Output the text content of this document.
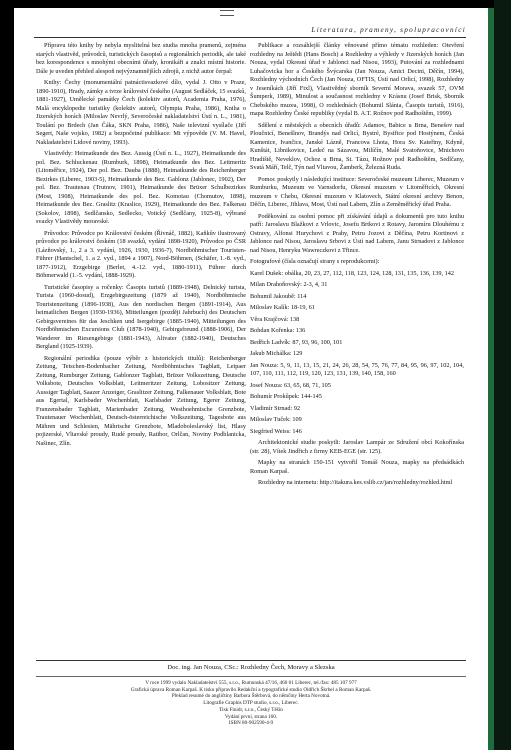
Literatura, prameny, spolupracovníci

Přípravu této knihy by nebyla myslitelná bez studia mnoha pramenů, zejména starých vlastivěd, průvodců, turistických časopisů a regionálních periodik, ale také bez korespondence s mnohými obecními úřady, kronikáři a znalci místní historie. Dále je uveden přehled alespoň nejvýznamnějších zdrojů, z nichž autor čerpal:

Knihy: Čechy (monumentální patnáctisvazkové dílo, vydal J. Otto v Praze, 1890-1910), Hrady, zámky a tvrze království českého (August Sedláček, 15 svazků, 1881-1927), Umělecké památky Čech (kolektiv autorů, Academia Praha, 1976), Malá encyklopedie turistiky (kolektiv autorů, Olympia Praha, 1986), Kniha o Jizerských horách (Miloslav Nevrlý, Severočeské nakladatelství Ústí n. L., 1981), Toulání po Brdech (Jan Čáka, SKN Praha, 1986), Naše televizní vysílače (Jiří Segert, Naše vojsko, 1982) a bezpočetné publikace: Mt výpověde (V. M. Havel, Nakladatelství Lidové noviny, 1993).

Vlastivědy: Heimatkunde des Bez. Aussig (Ústí n. L., 1927), Heimatkunde des pol. Bez. Schluckenau (Rumburk, 1898), Heimatkunde des Bez. Leitmeritz (Litoměřice, 1924), Der pol. Bez. Dauba (1888), Heimatkunde des Reichenberger Bezirkes (Liberec, 1903-5), Heimatkunde des Bez. Gablonz (Jablonec, 1902), Der pol. Bez. Trautenau (Trutnov, 1901), Heimatkunde des Brüxer Schulbezirkes (Most, 1908), Heimatkunde des pol. Bez. Komotau (Chomutov, 1898), Heimatkunde des Bez. Graslitz (Kraslice, 1929), Heimatkunde des Bez. Falkenau (Sokolov, 1898), Sedlčansko, Sedlecko, Votický (Sedlčany, 1925-8), výbrané svazky Vlastivědy moravské.

Průvodce: Průvodce po Království českém (Řivnáč, 1882), Kaňkův ilustrovaný průvodce po království českém (18 svazků, vydání 1898-1920), Průvodce po ČSR (Lázňovský, 1., 2 a 3. vydání, 1926, 1930, 1936-7), Nordböhmischer Touristen-Führer (Hantschel, 1. a 2. vyd., 1894 a 1907), Nord-Böhmen, (Schäfer, 1.-8. vyd., 1877-1912), Erzgebirge (Berlet, 4.-12. vyd., 1880-1911), Führer durch Böhmerwald (1.-5. vydání, 1888-1929).

Turistické časopisy a ročenky: Časopis turistů (1889-1948), Delnický turista, Turista (1960-dosud), Erzgebirgszeitung (1879 až 1940), Nordböhmische Touristenzeitung (1896-1938), Aus den nordischen Bergen (1891-1914), Aus heimatlichen Bergen (1930-1936), Mitteilungen (později Jahrbuch) des Deutschen Gebirgsvereines für das Jeschken und Isergebirge (1885-1940), Mitteilungen des Nordböhmischen Excursions Club (1878-1940), Gebirgsfreund (1888-1906), Der Wanderer im Riesengebirge (1881-1943), Altvater (1882-1940), Deutsches Bergland (1925-1939).

Regionální periodika (pouze výběr z historických titulů): Reichenberger Zeitung, Tetschen-Bodenbacher Zeitung, Nordböhmisches Tagblatt, Leipaer Zeitung, Rumburger Zeitung, Gablonzer Tagblatt, Brüxer Volkszeitung, Deutsche Volksbote, Deutsches Volksblatt, Leitmeritzer Zeitung, Lobositzer Zeitung, Aussiger Tagblatt, Saazer Anzeiger, Graslitzer Zeitung, Falkenauer Volksblatt, Bote aus Egertal, Karlsbader Wochenblatt, Karlsbader Zeitung, Egerer Zeitung, Franzensbader Tagblatt, Marienbader Zeitung, Westhoehmische Grenzbote, Trautenauer Wochenblatt, Deutsch-österreichische Volkszeitung, Tagesbote aus Mähren und Schlesien, Mährische Grenzbote, Mladoboleslavský list, Hlasy pojizerské, Vltavské proudy, Rudé proudy, Ratibor, Orlčan, Noviny Podblanicka, Našinec, Zlín.

Publikace a rozsáhlejší články věnované přímo tématu rozhleden: Otevření rozhledny na Ještědi (Hans Bosch) a Rozhledny a výhledy v Jizerských horách (Jan Nouza, vydal Okresní úřad v Jablonci nad Nisou, 1993), Putování za rozhlednami Luhačovicka hor a Českého Švýcarska (Jan Nouza, Amici Decini, Děčín, 1994), Rozhledny východních Čech (Jan Nouza, OFTIS, Ústí nad Orlicí, 1998), Rozhledny v Jeseníkách (Jiří Fixl), Vlastivědný sborník Severní Morava, svazek 57, OVM Šumperk, 1989), Minulost a současnost rozhledny v Krásnu (Josef Brisk, Sborník Chebského muzea, 1998), O rozhlednách (Bohumil Slánia, Časopis turistů, 1916), mapa Rozhledny České republiky (vydal B. A.T. Rožnov pod Radhoštěm, 1999).

Sdělení z městských a obecních úřadů: Adamov, Babice u Brna, Benešov nad Ploučnicí, Benešlnov, Brandýs nad Orlicí, Bystré, Bystřice pod Hostýnem, Česká Kamenice, Ivančice, Janské Lázně, Francova Lhota, Hora Sv. Kateřiny, Kdyně, Kunštát, Libnikovice, Ledeč na Sázavou, Milíčín, Malé Svatoňovice, Mnichovo Hradiště, Neveklov, Ochoz u Brna, St. Tázu, Rožnov pod Radhoštěm, Sedlčany, Svatá Máří, Telč, Týn nad Vltavou, Žamberk, Železná Ruda.

Pomoc poskytly i následující instituce: Severočeské muzeum Liberec, Muzeum v Rumburku, Muzeum ve Varnsdorfu, Okresní muzeum v Litoměřicích, Okresní muzeum v Chebu, Okresní muzeum v Klatovech, Státní okresní archivy Benon, Děčín, Liberec, Jihlava, Most, Ústí nad Labem, Zlín a Zeměměřický úřad Praha.

Poděkování za osobní pomoc při získávání údajů a dokumentů pro tuto knihu patří: Jaroslavu Blažkovi z Vrlovic, Josefu Brtkovi z Rotavy, Jaromíru Dlouhému z Ostravy, Alfonsi Hurychovi z Prahy, Petru Jozovi z Děčína, Petru Kortinovi z Jablonce nad Nisou, Jaroslavu Srbovi z Ústí nad Labem, Janu Strnadovi z Jablonce nad Nisou, Henryku Wawreczkovi z Třince.

Fotografové (čísla označují strany s reprodukcemi):

Karel Dušek: obálka, 20, 23, 27, 112, 118, 123, 124, 128, 131, 135, 136, 139, 142

Milan Drahoňovský: 2-3, 4, 31

Bohumil Jakoubě: 114

Miloslav Kalík: 18-19, 61

Věra Krajčová: 138

Bohdan Kořenka: 136

Bedřich Ladvík: 87, 93, 96, 100, 101

Jakub Michálka: 129

Jan Nouza: 5, 9, 11, 13, 15, 21, 24, 26, 28, 54, 75, 76, 77, 84, 95, 96, 97, 102, 104, 107, 110, 111, 112, 119, 120, 123, 131, 139, 140, 158, 160

Josef Nouza: 63, 65, 68, 71, 105

Bohumír Prokůpek: 144-145

Vladimír Strnad: 92

Miloslav Tuček: 109

Siegfried Weiss: 146

Architektonické studie poskytli: Jaroslav Lampár ze Sdružení obcí Kokořínska (str. 28), Vítek Jindřich z firmy KEB-EGE (str. 125).

Mapky na stranách 150-151 vytvořil Tomáš Nouza, mapky na předsádkách Roman Karpaš.

Rozhledny na internetu: http://itakura.kes.vslib.cz/jan/rozhledny/rozhled.html

Doc. ing. Jan Nouza, CSc.: Rozhledny Čech, Moravy a Slezska
V roce 1999 vydalo Nakladatelství 555, s.r.o., Rumunská 47/16, 460 01 Liberec, tel./fax: 485 107 977
Grafická úprava Roman Karpaš. K tisku připravilo Redakční a typografické studio Oldřich Škrbel a Roman Karpaš.
Překlad resumé do angličtiny Barbora Štěrbová, do němčiny Herta Novotná.
Litografie Graphis DTP studio, s.r.o., Liberec.
Tisk Finidr, s.r.o., Český Těšín
Vydání první, strana 160.
ISBN 80-902590-4-9
